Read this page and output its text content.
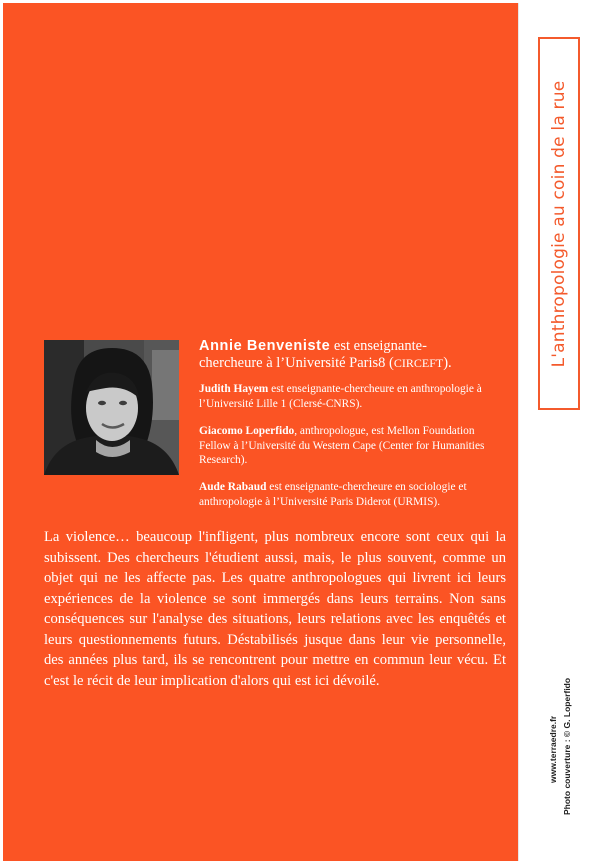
L'anthropologie au coin de la rue
www.terraedre.fr Photo couverture : © G. Loperfido
Annie Benveniste est enseignante-
chercheure à l’Université Paris8 (CIRCEFT).
Judith Hayem est enseignante-chercheure en anthropologie à l’Université Lille 1 (Clersé-CNRS).
Giacomo Loperfido, anthropologue, est Mellon Foundation Fellow à l’Université du Western Cape (Center for Humanities Research).
Aude Rabaud est enseignante-chercheure en sociologie et anthropologie à l’Université Paris Diderot (URMIS).

La violence… beaucoup l'infligent, plus nombreux encore sont ceux qui la subissent. Des chercheurs l'étudient aussi, mais, le plus souvent, comme un objet qui ne les affecte pas. Les quatre anthropologues qui livrent ici leurs expériences de la violence se sont immergés dans leurs terrains. Non sans conséquences sur l'analyse des situations, leurs relations avec les enquêtés et leurs questionnements futurs. Déstabilisés jusque dans leur vie personnelle, des années plus tard, ils se rencontrent pour mettre en commun leur vécu. Et c'est le récit de leur implication d'alors qui est ici dévoilé.
